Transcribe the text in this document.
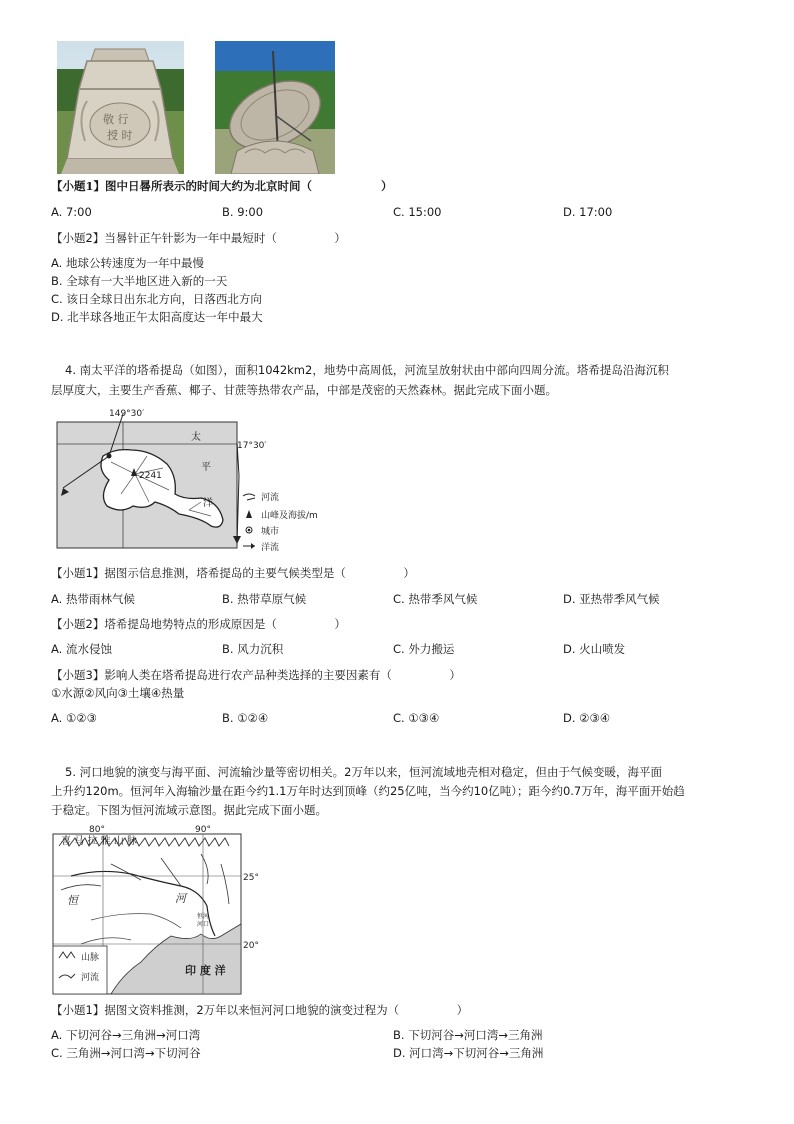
敬 行
授 时
【小题1】图中日晷所表示的时间大约为北京时间（　　　　　　）
A. 7:00	B. 9:00	C. 15:00	D. 17:00
【小题2】当晷针正午针影为一年中最短时（　　　　　）
A. 地球公转速度为一年中最慢
B. 全球有一大半地区进入新的一天
C. 该日全球日出东北方向，日落西北方向
D. 北半球各地正午太阳高度达一年中最大
4. 南太平洋的塔希提岛（如图），面积1042km2，地势中高周低，河流呈放射状由中部向四周分流。塔希提岛沿海沉积
层厚度大，主要生产香蕉、椰子、甘蔗等热带农产品，中部是茂密的天然森林。据此完成下面小题。
149°30′
17°30′
太
平
洋
2241
河流
山峰及海拔/m
城市
洋流
【小题1】据图示信息推测，塔希提岛的主要气候类型是（　　　　　）
A. 热带雨林气候	B. 热带草原气候	C. 热带季风气候	D. 亚热带季风气候
【小题2】塔希提岛地势特点的形成原因是（　　　　　）
A. 流水侵蚀	B. 风力沉积	C. 外力搬运	D. 火山喷发
【小题3】影响人类在塔希提岛进行农产品种类选择的主要因素有（　　　　　）
①水源②风向③土壤④热量
A. ①②③	B. ①②④	C. ①③④	D. ②③④
5. 河口地貌的演变与海平面、河流输沙量等密切相关。2万年以来，恒河流域地壳相对稳定，但由于气候变暖，海平面
上升约120m。恒河年入海输沙量在距今约1.1万年时达到顶峰（约25亿吨，当今约10亿吨）；距今约0.7万年，海平面开始趋
于稳定。下图为恒河流域示意图。据此完成下面小题。
山脉
河流
80°	90°
25°
20°
喜 马 拉 雅 山 脉
恒	河
恒河
河口
印 度 洋
【小题1】据图文资料推测，2万年以来恒河河口地貌的演变过程为（　　　　　）
A. 下切河谷→三角洲→河口湾	B. 下切河谷→河口湾→三角洲
C. 三角洲→河口湾→下切河谷	D. 河口湾→下切河谷→三角洲
